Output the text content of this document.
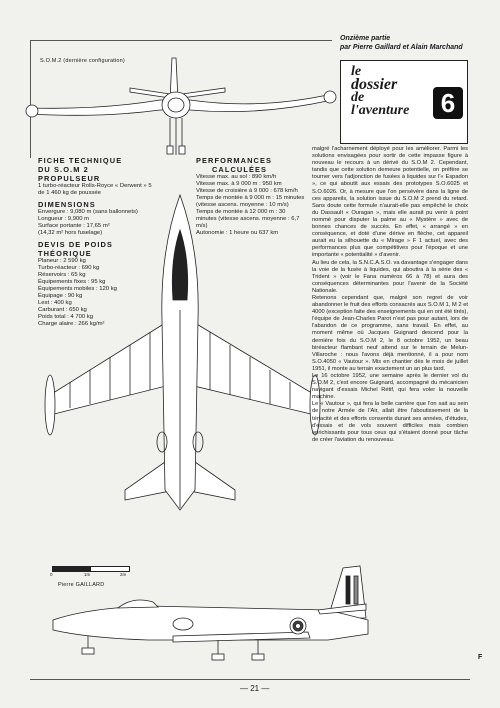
Onzième partie
par Pierre Gaillard et Alain Marchand
le
dossier
de
l'aventure	6
S.O.M.2 (dernière configuration)
FICHE TECHNIQUE
DU S.O.M 2
PROPULSEUR
1 turbo-réacteur Rolls-Royce « Derwent » 5 de 1 460 kg de poussée
DIMENSIONS
Envergure : 9,080 m (sans ballonnets)
Longueur : 9,900 m
Surface portante : 17,65 m²
(14,32 m² hors fuselage)
DEVIS DE POIDS
THÉORIQUE
Planeur : 2 590 kg
Turbo-réacteur : 690 kg
Réservoirs : 65 kg
Équipements fixes : 95 kg
Équipements mobiles : 120 kg
Équipage : 90 kg
Lest : 400 kg
Carburant : 650 kg
Poids total : 4 700 kg
Charge alaire : 266 kg/m²
PERFORMANCES
CALCULÉES
Vitesse max. au sol : 890 km/h
Vitesse max. à 9 000 m : 950 km
Vitesse de croisière à 9 000 : 678 km/h
Temps de montée à 9 000 m : 15 minutes (vitesse ascens. moyenne : 10 m/s)
Temps de montée à 12 000 m : 30 minutes (vitesse ascens. moyenne : 6,7 m/s)
Autonomie : 1 heure ou 637 km

malgré l'acharnement déployé pour les améliorer. Parmi les solutions envisagées pour sortir de cette impasse figure à nouveau le recours à un dérivé du S.O.M 2. Cependant, tandis que cette solution demeure potentielle, on préfère se tourner vers l'adjonction de fusées à liquides sur l'« Espadon », ce qui aboutit aux essais des prototypes S.O.6025 et S.O.6026. Or, à mesure que l'on persévère dans la ligne de ces appareils, la solution issue du S.O.M 2 prend du retard. Sans doute cette formule n'aurait-elle pas empêché le choix du Dassault « Ouragan », mais elle aurait pu venir à point nommé pour disputer la palme au « Mystère » avec de bonnes chances de succès. En effet, « arrangé » en conséquence, et doté d'une dérive en flèche, cet appareil aurait eu la silhouette du « Mirage » F 1 actuel, avec des performances plus que compétitives pour l'époque et une importante « potentialité » d'avenir.

Au lieu de cela, la S.N.C.A.S.O. va davantage s'engager dans la voie de la fusée à liquides, qui aboutira à la série des « Trident » (voir le Fana numéros 66 à 78) et aura des conséquences déterminantes pour l'avenir de la Société Nationale.

Retenons cependant que, malgré son regret de voir abandonner le fruit des efforts consacrés aux S.O.M 1, M 2 et 4000 (exception faite des enseignements qui en ont été tirés), l'équipe de Jean-Charles Parot n'est pas pour autant, lors de l'abandon de ce programme, sans travail. En effet, au moment même où Jacques Guignard descend pour la dernière fois du S.O.M 2, le 8 octobre 1952, un beau biréacteur flambant neuf attend sur le terrain de Melun-Villaroche : nous l'avons déjà mentionné, il a pour nom S.O.4050 « Vautour ». Mis en chantier dès le mois de juillet 1951, il monte au terrain exactement un an plus tard.

Le 16 octobre 1952, une semaine après le dernier vol du S.O.M 2, c'est encore Guignard, accompagné du mécanicien navigant d'essais Michel Rétif, qui fera voler la nouvelle machine.

Le « Vautour », qui fera la belle carrière que l'on sait au sein de notre Armée de l'Air, allait être l'aboutissement de la ténacité et des efforts consentis durant ses années, d'études, d'essais et de vols souvent difficiles mais combien enrichissants pour tous ceux qui s'étaient donné pour tâche de créer l'aviation du renouveau.

0	1m	2m
Pierre GAILLARD
F
— 21 —
